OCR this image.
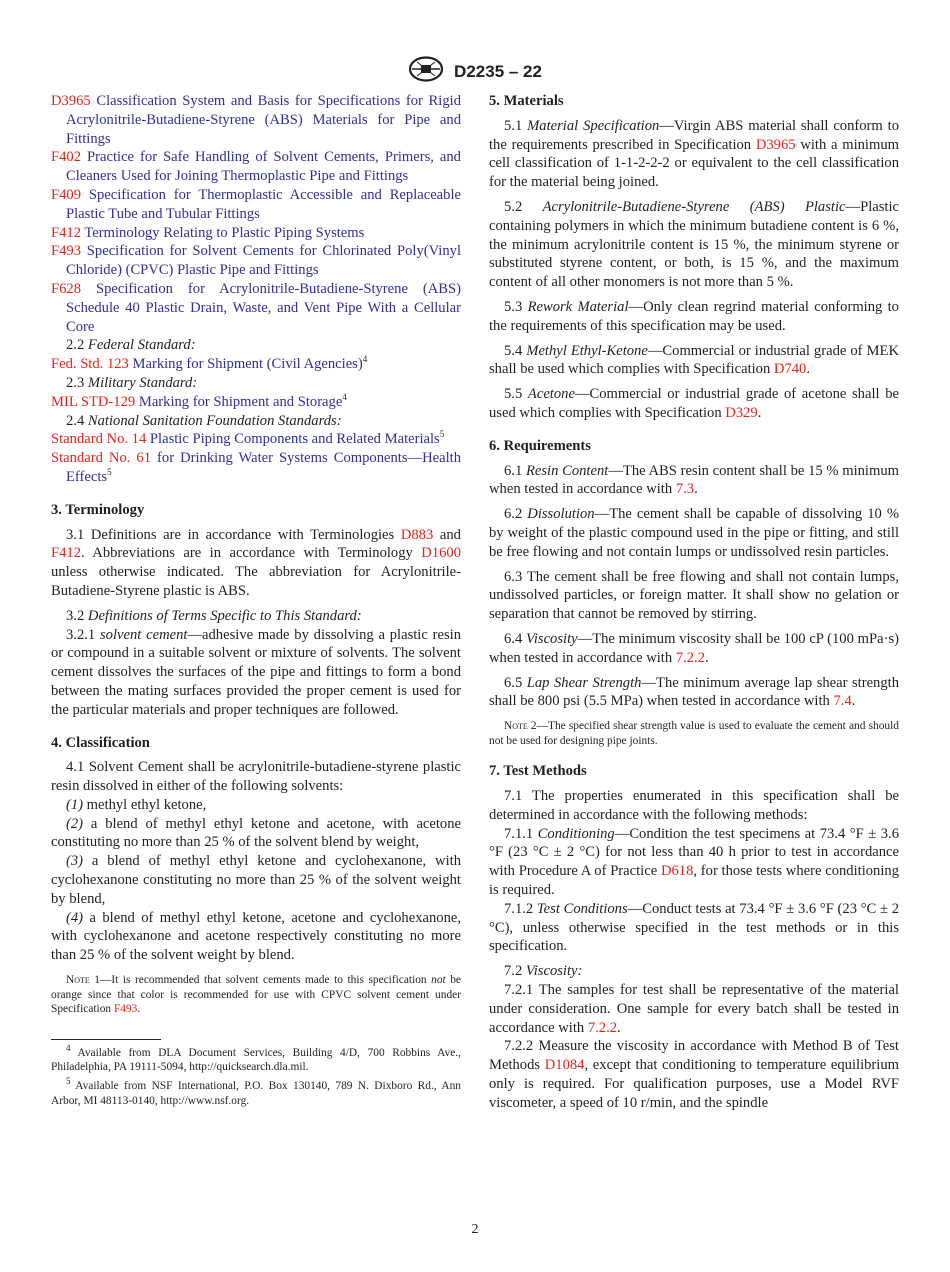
D2235 – 22

D3965 Classification System and Basis for Specifications for Rigid Acrylonitrile-Butadiene-Styrene (ABS) Materials for Pipe and Fittings

F402 Practice for Safe Handling of Solvent Cements, Primers, and Cleaners Used for Joining Thermoplastic Pipe and Fittings

F409 Specification for Thermoplastic Accessible and Replaceable Plastic Tube and Tubular Fittings

F412 Terminology Relating to Plastic Piping Systems

F493 Specification for Solvent Cements for Chlorinated Poly(Vinyl Chloride) (CPVC) Plastic Pipe and Fittings

F628 Specification for Acrylonitrile-Butadiene-Styrene (ABS) Schedule 40 Plastic Drain, Waste, and Vent Pipe With a Cellular Core

2.2 Federal Standard:

Fed. Std. 123 Marking for Shipment (Civil Agencies)$^4$

2.3 Military Standard:

MIL STD-129 Marking for Shipment and Storage$^4$

2.4 National Sanitation Foundation Standards:

Standard No. 14 Plastic Piping Components and Related Materials$^5$

Standard No. 61 for Drinking Water Systems Components—Health Effects$^5$

3. Terminology

3.1 Definitions are in accordance with Terminologies D883 and F412. Abbreviations are in accordance with Terminology D1600 unless otherwise indicated. The abbreviation for Acrylonitrile-Butadiene-Styrene plastic is ABS.

3.2 Definitions of Terms Specific to This Standard:

3.2.1 solvent cement—adhesive made by dissolving a plastic resin or compound in a suitable solvent or mixture of solvents. The solvent cement dissolves the surfaces of the pipe and fittings to form a bond between the mating surfaces provided the proper cement is used for the particular materials and proper techniques are followed.

4. Classification

4.1 Solvent Cement shall be acrylonitrile-butadiene-styrene plastic resin dissolved in either of the following solvents:

(1) methyl ethyl ketone,

(2) a blend of methyl ethyl ketone and acetone, with acetone constituting no more than 25 % of the solvent blend by weight,

(3) a blend of methyl ethyl ketone and cyclohexanone, with cyclohexanone constituting no more than 25 % of the solvent weight by blend,

(4) a blend of methyl ethyl ketone, acetone and cyclohexanone, with cyclohexanone and acetone respectively constituting no more than 25 % of the solvent weight by blend.

Note 1—It is recommended that solvent cements made to this specification not be orange since that color is recommended for use with CPVC solvent cement under Specification F493.

$^4$ Available from DLA Document Services, Building 4/D, 700 Robbins Ave., Philadelphia, PA 19111-5094, http://quicksearch.dla.mil.

$^5$ Available from NSF International, P.O. Box 130140, 789 N. Dixboro Rd., Ann Arbor, MI 48113-0140, http://www.nsf.org.

5. Materials

5.1 Material Specification—Virgin ABS material shall conform to the requirements prescribed in Specification D3965 with a minimum cell classification of 1-1-2-2-2 or equivalent to the cell classification for the material being joined.

5.2 Acrylonitrile-Butadiene-Styrene (ABS) Plastic—Plastic containing polymers in which the minimum butadiene content is 6 %, the minimum acrylonitrile content is 15 %, the minimum styrene or substituted styrene content, or both, is 15 %, and the maximum content of all other monomers is not more than 5 %.

5.3 Rework Material—Only clean regrind material conforming to the requirements of this specification may be used.

5.4 Methyl Ethyl-Ketone—Commercial or industrial grade of MEK shall be used which complies with Specification D740.

5.5 Acetone—Commercial or industrial grade of acetone shall be used which complies with Specification D329.

6. Requirements

6.1 Resin Content—The ABS resin content shall be 15 % minimum when tested in accordance with 7.3.

6.2 Dissolution—The cement shall be capable of dissolving 10 % by weight of the plastic compound used in the pipe or fitting, and still be free flowing and not contain lumps or undissolved resin particles.

6.3 The cement shall be free flowing and shall not contain lumps, undissolved particles, or foreign matter. It shall show no gelation or separation that cannot be removed by stirring.

6.4 Viscosity—The minimum viscosity shall be 100 cP (100 mPa·s) when tested in accordance with 7.2.2.

6.5 Lap Shear Strength—The minimum average lap shear strength shall be 800 psi (5.5 MPa) when tested in accordance with 7.4.

Note 2—The specified shear strength value is used to evaluate the cement and should not be used for designing pipe joints.

7. Test Methods

7.1 The properties enumerated in this specification shall be determined in accordance with the following methods:

7.1.1 Conditioning—Condition the test specimens at 73.4 °F ± 3.6 °F (23 °C ± 2 °C) for not less than 40 h prior to test in accordance with Procedure A of Practice D618, for those tests where conditioning is required.

7.1.2 Test Conditions—Conduct tests at 73.4 °F ± 3.6 °F (23 °C ± 2 °C), unless otherwise specified in the test methods or in this specification.

7.2 Viscosity:

7.2.1 The samples for test shall be representative of the material under consideration. One sample for every batch shall be tested in accordance with 7.2.2.

7.2.2 Measure the viscosity in accordance with Method B of Test Methods D1084, except that conditioning to temperature equilibrium only is required. For qualification purposes, use a Model RVF viscometer, a speed of 10 r/min, and the spindle

2
